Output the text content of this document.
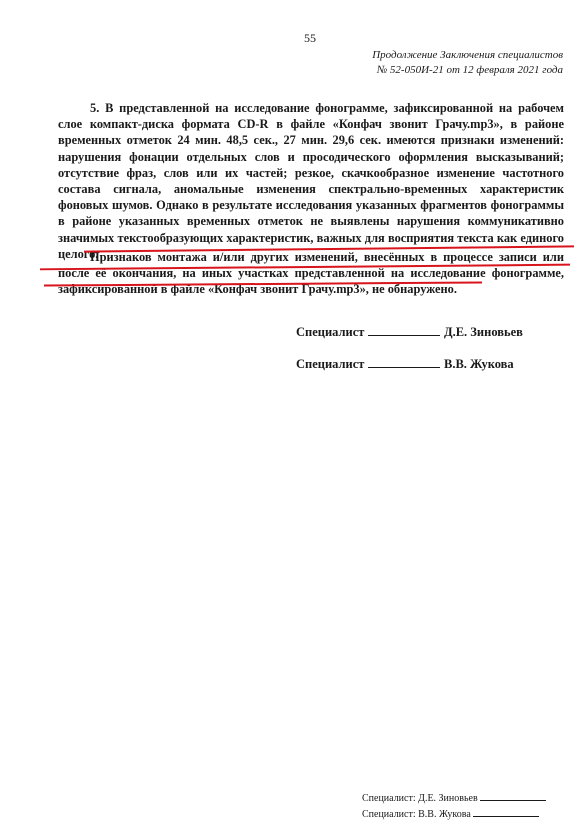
55
Продолжение Заключения специалистов
№ 52-050И-21 от 12 февраля 2021 года
5. В представленной на исследование фонограмме, зафиксированной на рабочем слое компакт-диска формата CD-R в файле «Конфач звонит Грачу.mp3», в районе временных отметок 24 мин. 48,5 сек., 27 мин. 29,6 сек. имеются признаки изменений: нарушения фонации отдельных слов и просодического оформления высказываний; отсутствие фраз, слов или их частей; резкое, скачкообразное изменение частотного состава сигнала, аномальные изменения спектрально-временных характеристик фоновых шумов. Однако в результате исследования указанных фрагментов фонограммы в районе указанных временных отметок не выявлены нарушения коммуникативно значимых текстообразующих характеристик, важных для восприятия текста как единого целого.
Признаков монтажа и/или других изменений, внесённых в процессе записи или после её окончания, на иных участках представленной на исследование фонограмме, зафиксированной в файле «Конфач звонит Грачу.mp3», не обнаружено.
Специалист	Д.Е. Зиновьев
Специалист	В.В. Жукова
Специалист: Д.Е. Зиновьев
Специалист: В.В. Жукова
